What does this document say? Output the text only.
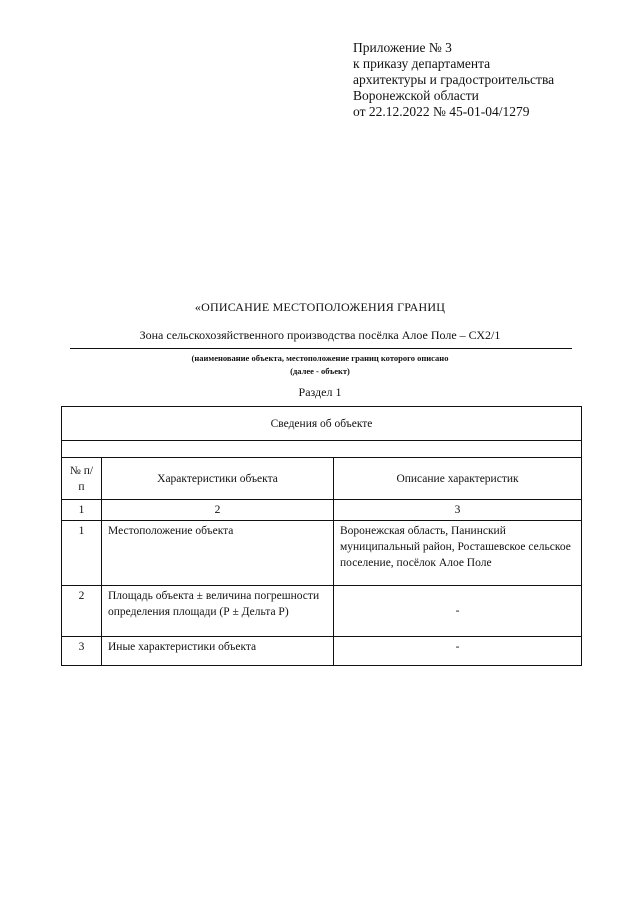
Приложение № 3
к приказу департамента
архитектуры и градостроительства
Воронежской области
от 22.12.2022 № 45-01-04/1279
«ОПИСАНИЕ МЕСТОПОЛОЖЕНИЯ ГРАНИЦ
Зона сельскохозяйственного производства посёлка Алое Поле – СХ2/1
(наименование объекта, местоположение границ которого описано
(далее - объект)
Раздел 1
Сведения об объекте		

№ п/п	Характеристики объекта	Описание характеристик
1	2	3
1	Местоположение объекта	Воронежская область, Панинский муниципальный район, Росташевское сельское поселение, посёлок Алое Поле
2	Площадь объекта ± величина погрешности определения площади (Р ± Дельта Р)	-
3	Иные характеристики объекта	-
